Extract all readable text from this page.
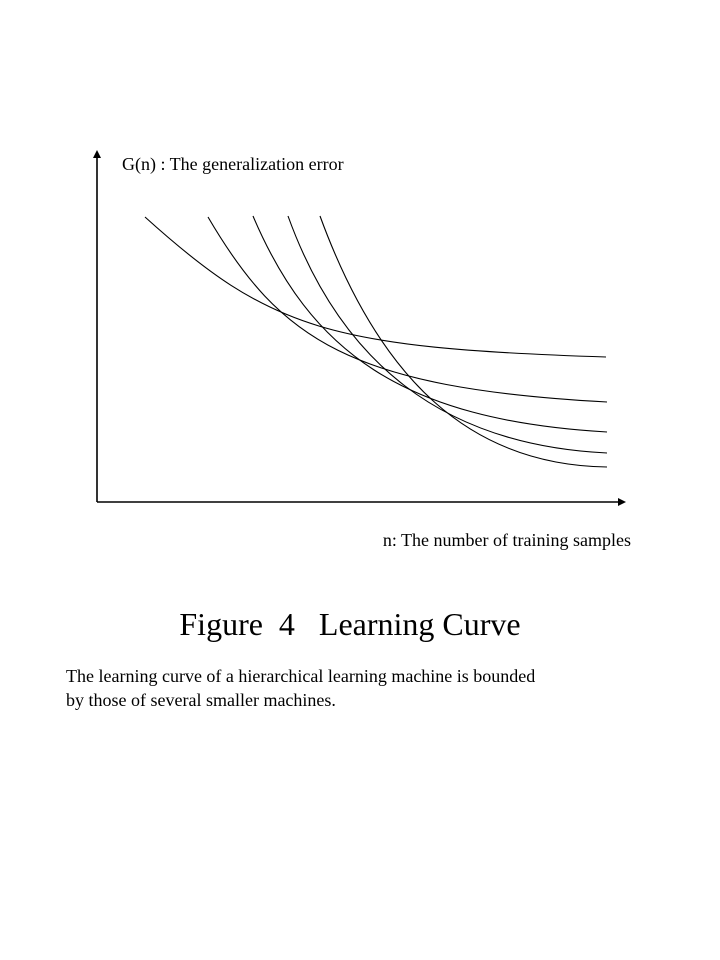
G(n) : The generalization error
n: The number of training samples
Figure  4   Learning Curve

The learning curve of a hierarchical learning machine is bounded
by those of several smaller machines.
